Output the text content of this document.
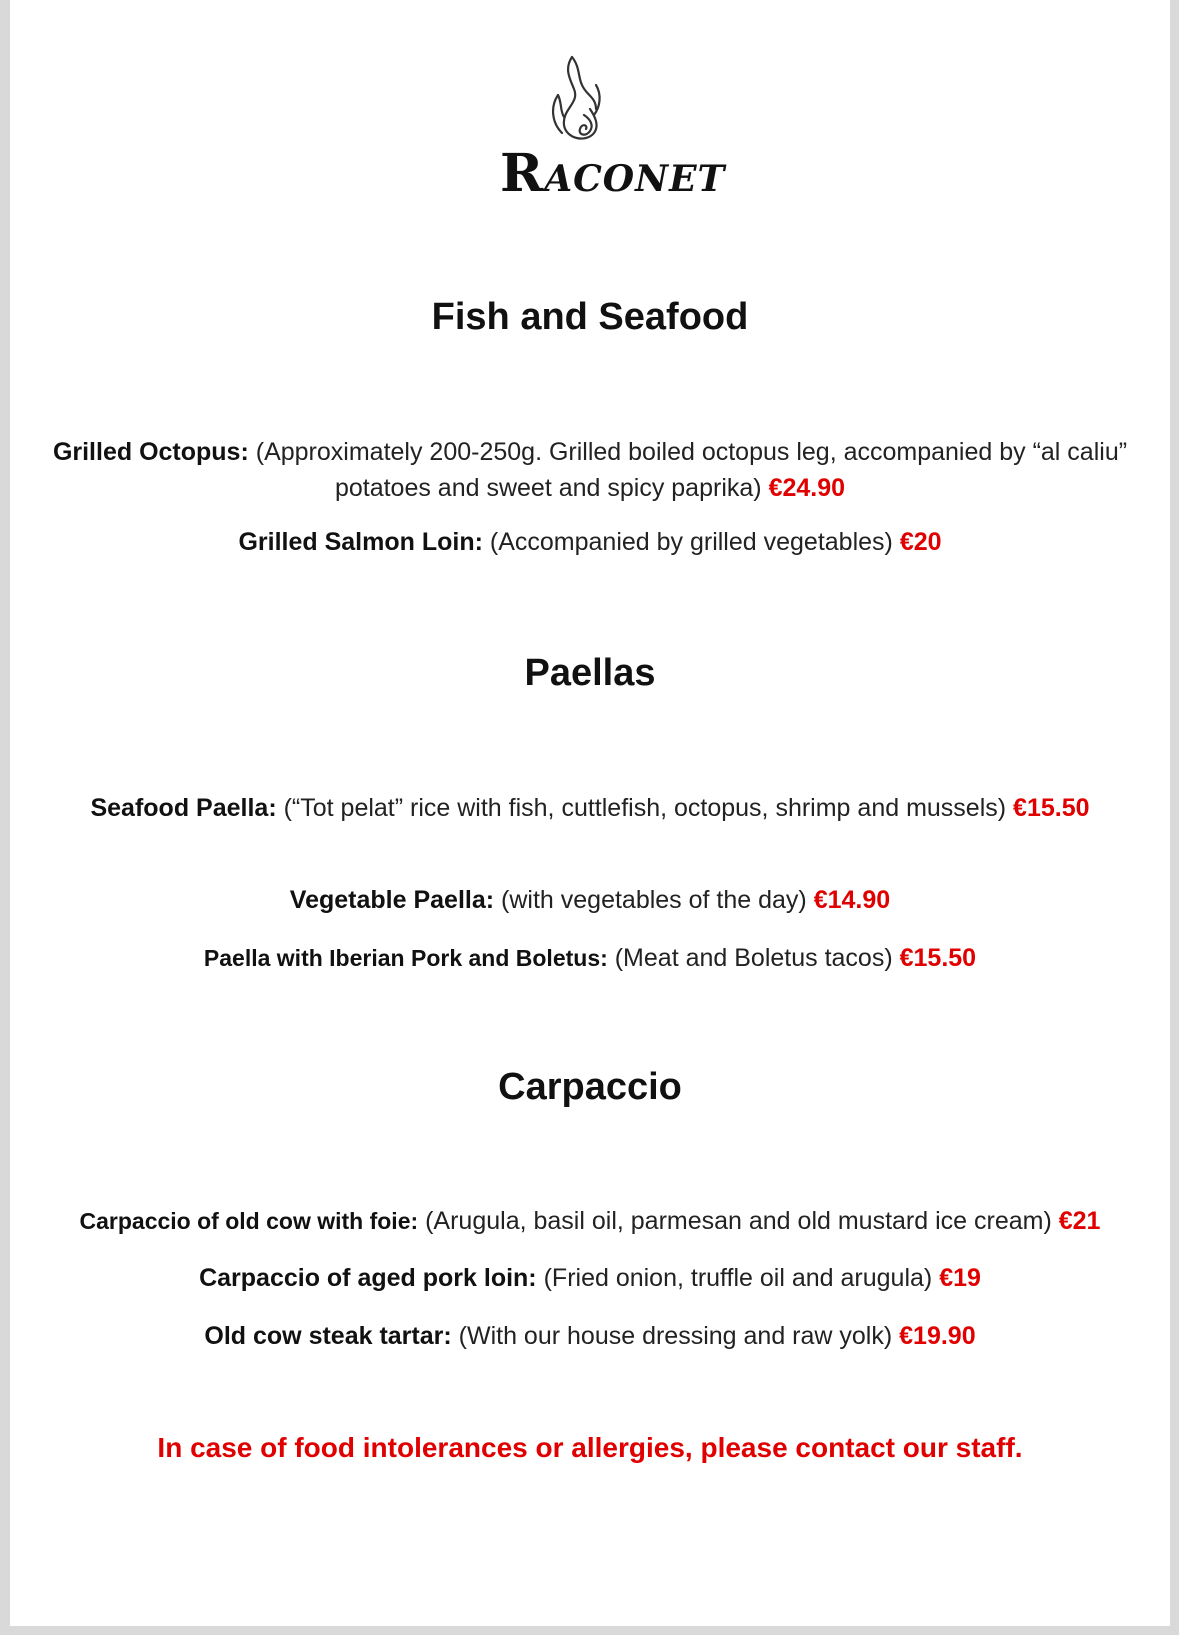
RACONET
Fish and Seafood

Grilled Octopus: (Approximately 200-250g. Grilled boiled octopus leg, accompanied by “al caliu” potatoes and sweet and spicy paprika) €24.90

Grilled Salmon Loin: (Accompanied by grilled vegetables) €20

Paellas

Seafood Paella: (“Tot pelat” rice with fish, cuttlefish, octopus, shrimp and mussels) €15.50

Vegetable Paella: (with vegetables of the day) €14.90

Paella with Iberian Pork and Boletus: (Meat and Boletus tacos) €15.50

Carpaccio

Carpaccio of old cow with foie: (Arugula, basil oil, parmesan and old mustard ice cream) €21

Carpaccio of aged pork loin: (Fried onion, truffle oil and arugula) €19

Old cow steak tartar: (With our house dressing and raw yolk) €19.90

In case of food intolerances or allergies, please contact our staff.
